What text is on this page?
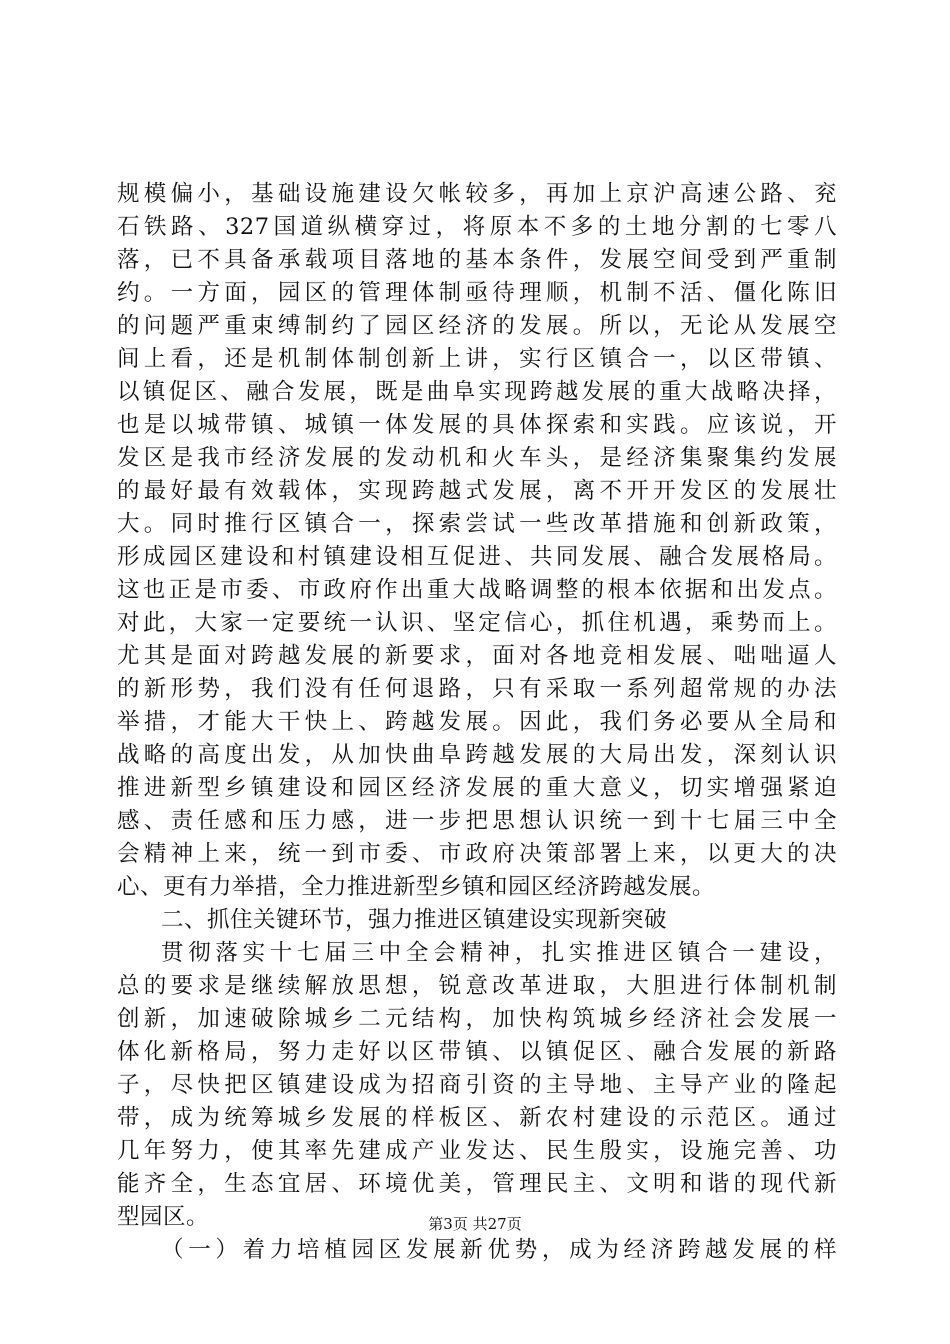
规模偏小，基础设施建设欠帐较多，再加上京沪高速公路、兖
石铁路、327国道纵横穿过，将原本不多的土地分割的七零八
落，已不具备承载项目落地的基本条件，发展空间受到严重制
约。一方面，园区的管理体制亟待理顺，机制不活、僵化陈旧
的问题严重束缚制约了园区经济的发展。所以，无论从发展空
间上看，还是机制体制创新上讲，实行区镇合一，以区带镇、
以镇促区、融合发展，既是曲阜实现跨越发展的重大战略决择，
也是以城带镇、城镇一体发展的具体探索和实践。应该说，开
发区是我市经济发展的发动机和火车头，是经济集聚集约发展
的最好最有效载体，实现跨越式发展，离不开开发区的发展壮
大。同时推行区镇合一，探索尝试一些改革措施和创新政策，
形成园区建设和村镇建设相互促进、共同发展、融合发展格局。
这也正是市委、市政府作出重大战略调整的根本依据和出发点。
对此，大家一定要统一认识、坚定信心，抓住机遇，乘势而上。
尤其是面对跨越发展的新要求，面对各地竞相发展、咄咄逼人
的新形势，我们没有任何退路，只有采取一系列超常规的办法
举措，才能大干快上、跨越发展。因此，我们务必要从全局和
战略的高度出发，从加快曲阜跨越发展的大局出发，深刻认识
推进新型乡镇建设和园区经济发展的重大意义，切实增强紧迫
感、责任感和压力感，进一步把思想认识统一到十七届三中全
会精神上来，统一到市委、市政府决策部署上来，以更大的决
心、更有力举措，全力推进新型乡镇和园区经济跨越发展。
二、抓住关键环节，强力推进区镇建设实现新突破
贯彻落实十七届三中全会精神，扎实推进区镇合一建设，
总的要求是继续解放思想，锐意改革进取，大胆进行体制机制
创新，加速破除城乡二元结构，加快构筑城乡经济社会发展一
体化新格局，努力走好以区带镇、以镇促区、融合发展的新路
子，尽快把区镇建设成为招商引资的主导地、主导产业的隆起
带，成为统筹城乡发展的样板区、新农村建设的示范区。通过
几年努力，使其率先建成产业发达、民生殷实，设施完善、功
能齐全，生态宜居、环境优美，管理民主、文明和谐的现代新
型园区。
（一）着力培植园区发展新优势，成为经济跨越发展的样
第3页 共27页
